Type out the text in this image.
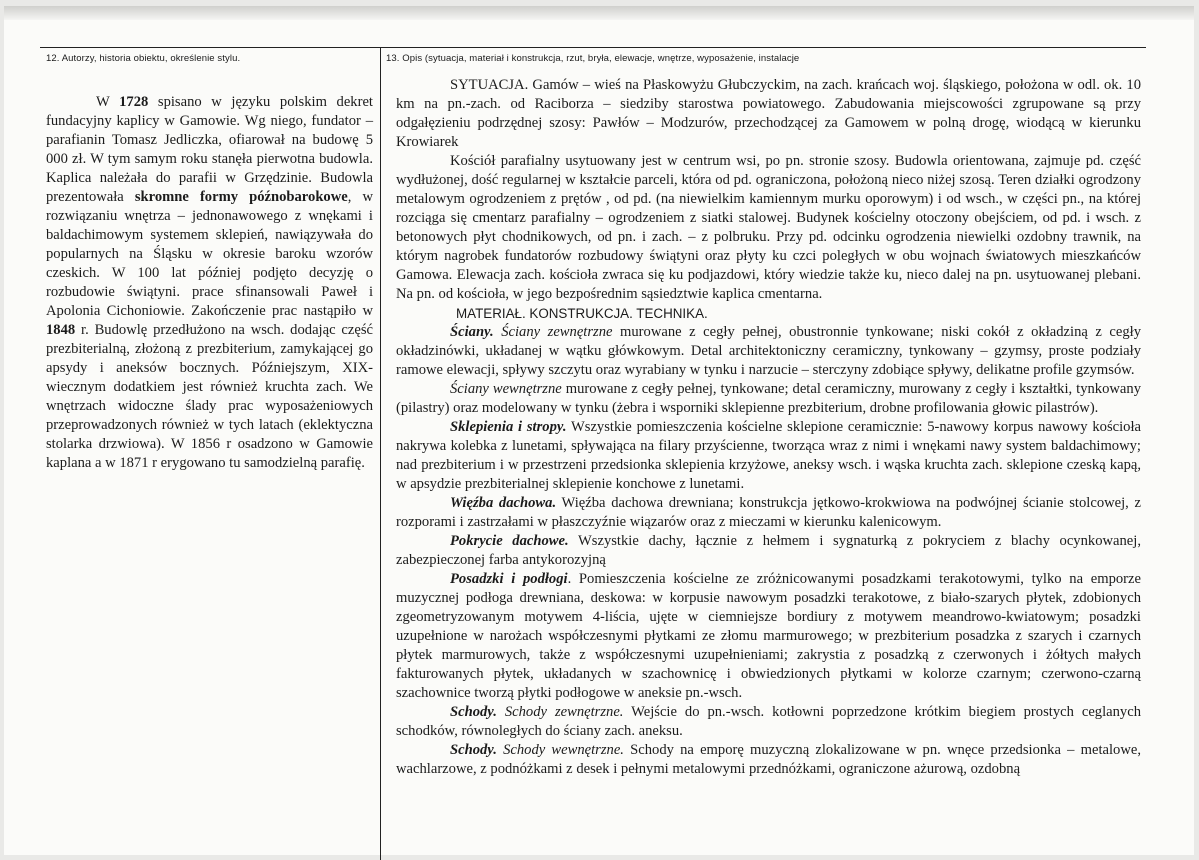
12. Autorzy, historia obiektu, określenie stylu.	13. Opis (sytuacja, materiał i konstrukcja, rzut, bryła, elewacje, wnętrze, wyposażenie, instalacje

W 1728 spisano w języku polskim dekret fundacyjny kaplicy w Gamowie. Wg niego, fundator – parafianin Tomasz Jedliczka, ofiarował na budowę 5 000 zł. W tym samym roku stanęła pierwotna budowla. Kaplica należała do parafii w Grzędzinie. Budowla prezentowała skromne formy późnobarokowe, w rozwiązaniu wnętrza – jednonawowego z wnękami i baldachimowym systemem sklepień, nawiązywała do popularnych na Śląsku w okresie baroku wzorów czeskich. W 100 lat później podjęto decyzję o rozbudowie świątyni. prace sfinansowali Paweł i Apolonia Cichoniowie. Zakończenie prac nastąpiło w 1848 r. Budowlę przedłużono na wsch. dodając część prezbiterialną, złożoną z prezbiterium, zamykającej go apsydy i aneksów bocznych. Późniejszym, XIX-wiecznym dodatkiem jest również kruchta zach. We wnętrzach widoczne ślady prac wyposażeniowych przeprowadzonych również w tych latach (eklektyczna stolarka drzwiowa). W 1856 r osadzono w Gamowie kaplana a w 1871 r erygowano tu samodzielną parafię.

SYTUACJA. Gamów – wieś na Płaskowyżu Głubczyckim, na zach. krańcach woj. śląskiego, położona w odl. ok. 10 km na pn.-zach. od Raciborza – siedziby starostwa powiatowego. Zabudowania miejscowości zgrupowane są przy odgałęzieniu podrzędnej szosy: Pawłów – Modzurów, przechodzącej za Gamowem w polną drogę, wiodącą w kierunku Krowiarek

Kościół parafialny usytuowany jest w centrum wsi, po pn. stronie szosy. Budowla orientowana, zajmuje pd. część wydłużonej, dość regularnej w kształcie parceli, która od pd. ograniczona, położoną nieco niżej szosą. Teren działki ogrodzony metalowym ogrodzeniem z prętów , od pd. (na niewielkim kamiennym murku oporowym) i od wsch., w części pn., na której rozciąga się cmentarz parafialny – ogrodzeniem z siatki stalowej. Budynek kościelny otoczony obejściem, od pd. i wsch. z betonowych płyt chodnikowych, od pn. i zach. – z polbruku. Przy pd. odcinku ogrodzenia niewielki ozdobny trawnik, na którym nagrobek fundatorów rozbudowy świątyni oraz płyty ku czci poległych w obu wojnach światowych mieszkańców Gamowa. Elewacja zach. kościoła zwraca się ku podjazdowi, który wiedzie także ku, nieco dalej na pn. usytuowanej plebani. Na pn. od kościoła, w jego bezpośrednim sąsiedztwie kaplica cmentarna.

MATERIAŁ. KONSTRUKCJA. TECHNIKA.

Ściany. Ściany zewnętrzne murowane z cegły pełnej, obustronnie tynkowane; niski cokół z okładziną z cegły okładzinówki, układanej w wątku główkowym. Detal architektoniczny ceramiczny, tynkowany – gzymsy, proste podziały ramowe elewacji, spływy szczytu oraz wyrabiany w tynku i narzucie – sterczyny zdobiące spływy, delikatne profile gzymsów.

Ściany wewnętrzne murowane z cegły pełnej, tynkowane; detal ceramiczny, murowany z cegły i kształtki, tynkowany (pilastry) oraz modelowany w tynku (żebra i wsporniki sklepienne prezbiterium, drobne profilowania głowic pilastrów).

Sklepienia i stropy. Wszystkie pomieszczenia kościelne sklepione ceramicznie: 5-nawowy korpus nawowy kościoła nakrywa kolebka z lunetami, spływająca na filary przyścienne, tworząca wraz z nimi i wnękami nawy system baldachimowy; nad prezbiterium i w przestrzeni przedsionka sklepienia krzyżowe, aneksy wsch. i wąska kruchta zach. sklepione czeską kapą, w apsydzie prezbiterialnej sklepienie konchowe z lunetami.

Więźba dachowa. Więźba dachowa drewniana; konstrukcja jętkowo-krokwiowa na podwójnej ścianie stolcowej, z rozporami i zastrzałami w płaszczyźnie wiązarów oraz z mieczami w kierunku kalenicowym.

Pokrycie dachowe. Wszystkie dachy, łącznie z hełmem i sygnaturką z pokryciem z blachy ocynkowanej, zabezpieczonej farba antykorozyjną

Posadzki i podłogi. Pomieszczenia kościelne ze zróżnicowanymi posadzkami terakotowymi, tylko na emporze muzycznej podłoga drewniana, deskowa: w korpusie nawowym posadzki terakotowe, z biało-szarych płytek, zdobionych zgeometryzowanym motywem 4-liścia, ujęte w ciemniejsze bordiury z motywem meandrowo-kwiatowym; posadzki uzupełnione w narożach współczesnymi płytkami ze złomu marmurowego; w prezbiterium posadzka z szarych i czarnych płytek marmurowych, także z współczesnymi uzupełnieniami; zakrystia z posadzką z czerwonych i żółtych małych fakturowanych płytek, układanych w szachownicę i obwiedzionych płytkami w kolorze czarnym; czerwono-czarną szachownice tworzą płytki podłogowe w aneksie pn.-wsch.

Schody. Schody zewnętrzne. Wejście do pn.-wsch. kotłowni poprzedzone krótkim biegiem prostych ceglanych schodków, równoległych do ściany zach. aneksu.

Schody. Schody wewnętrzne. Schody na emporę muzyczną zlokalizowane w pn. wnęce przedsionka – metalowe, wachlarzowe, z podnóżkami z desek i pełnymi metalowymi przednóżkami, ograniczone ażurową, ozdobną
